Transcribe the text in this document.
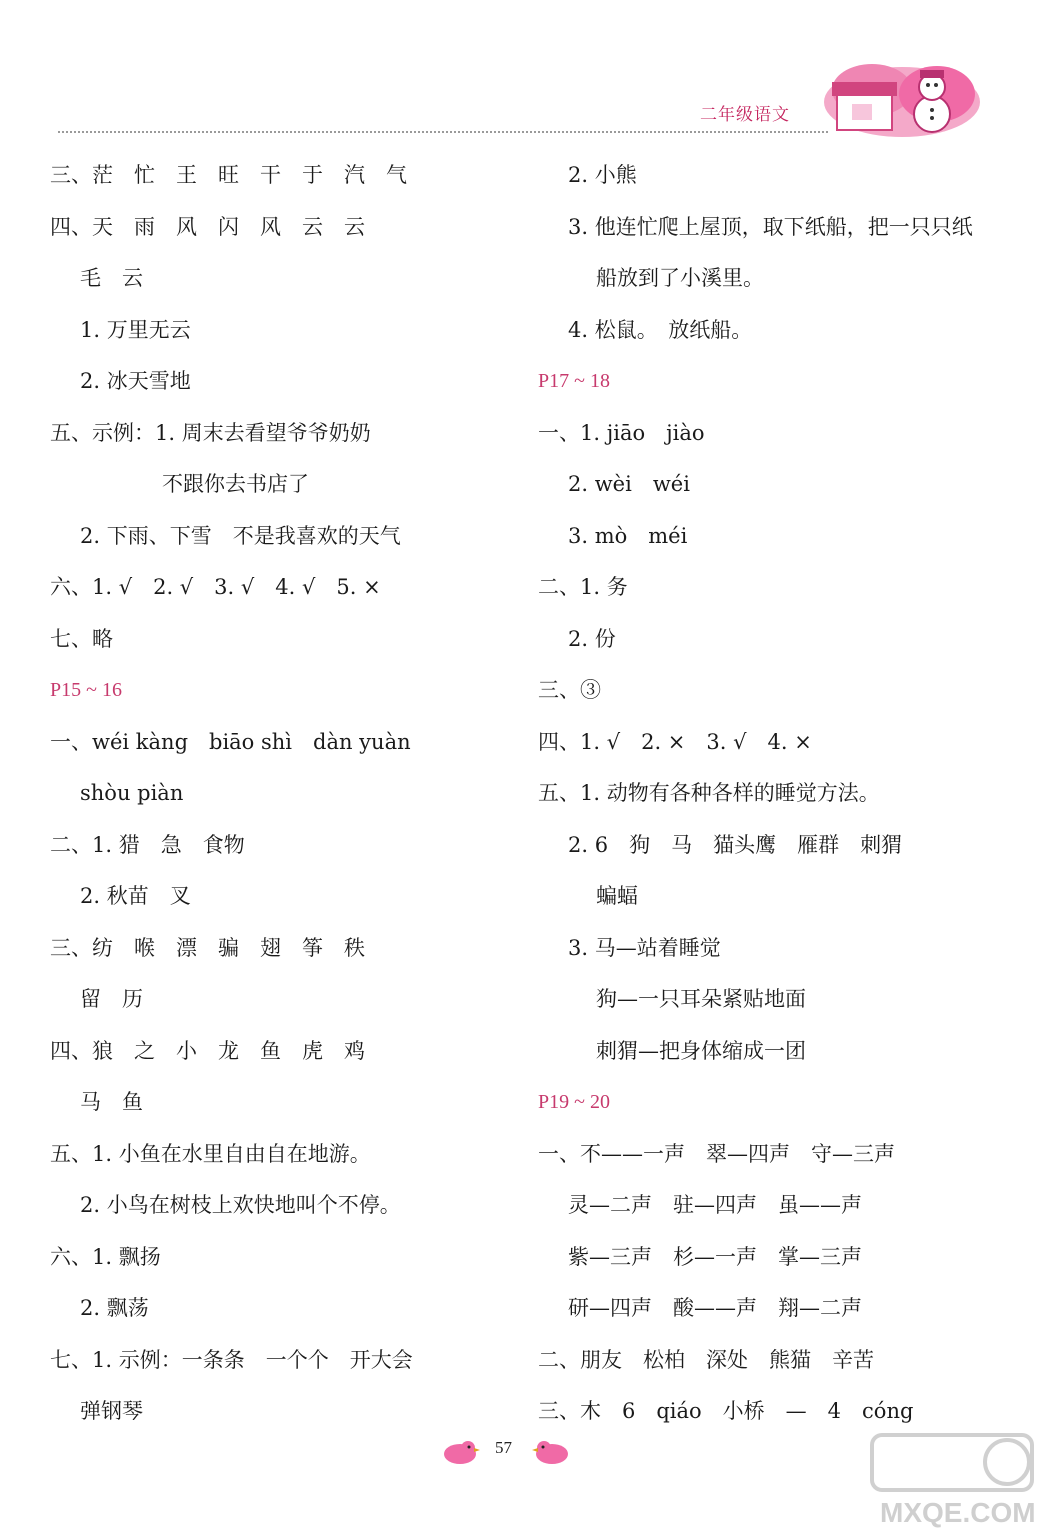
二年级语文
三、茫　忙　王　旺　干　于　汽　气
四、天　雨　风　闪　风　云　云
毛　云
1. 万里无云
2. 冰天雪地
五、示例：1. 周末去看望爷爷奶奶
不跟你去书店了
2. 下雨、下雪　不是我喜欢的天气
六、1. √　2. √　3. √　4. √　5. ×
七、略
P15 ~ 16
一、wéi kàng　biāo shì　dàn yuàn
shòu piàn
二、1. 猎　急　食物
2. 秋苗　叉
三、纺　喉　漂　骗　翅　筝　秩
留　历
四、狼　之　小　龙　鱼　虎　鸡
马　鱼
五、1. 小鱼在水里自由自在地游。
2. 小鸟在树枝上欢快地叫个不停。
六、1. 飘扬
2. 飘荡
七、1. 示例：一条条　一个个　开大会
弹钢琴
2. 小熊
3. 他连忙爬上屋顶，取下纸船，把一只只纸
船放到了小溪里。
4. 松鼠。　放纸船。
P17 ~ 18
一、1. jiāo　jiào
2. wèi　wéi
3. mò　méi
二、1. 务
2. 份
三、③
四、1. √　2. ×　3. √　4. ×
五、1. 动物有各种各样的睡觉方法。
2. 6　狗　马　猫头鹰　雁群　刺猬
蝙蝠
3. 马—站着睡觉
狗—一只耳朵紧贴地面
刺猬—把身体缩成一团
P19 ~ 20
一、不——一声　翠—四声　守—三声
灵—二声　驻—四声　虽——声
紫—三声　杉—一声　掌—三声
研—四声　酸——声　翔—二声
二、朋友　松柏　深处　熊猫　辛苦
三、木　6　qiáo　小桥　—　4　cóng
57
MXQE.COM
